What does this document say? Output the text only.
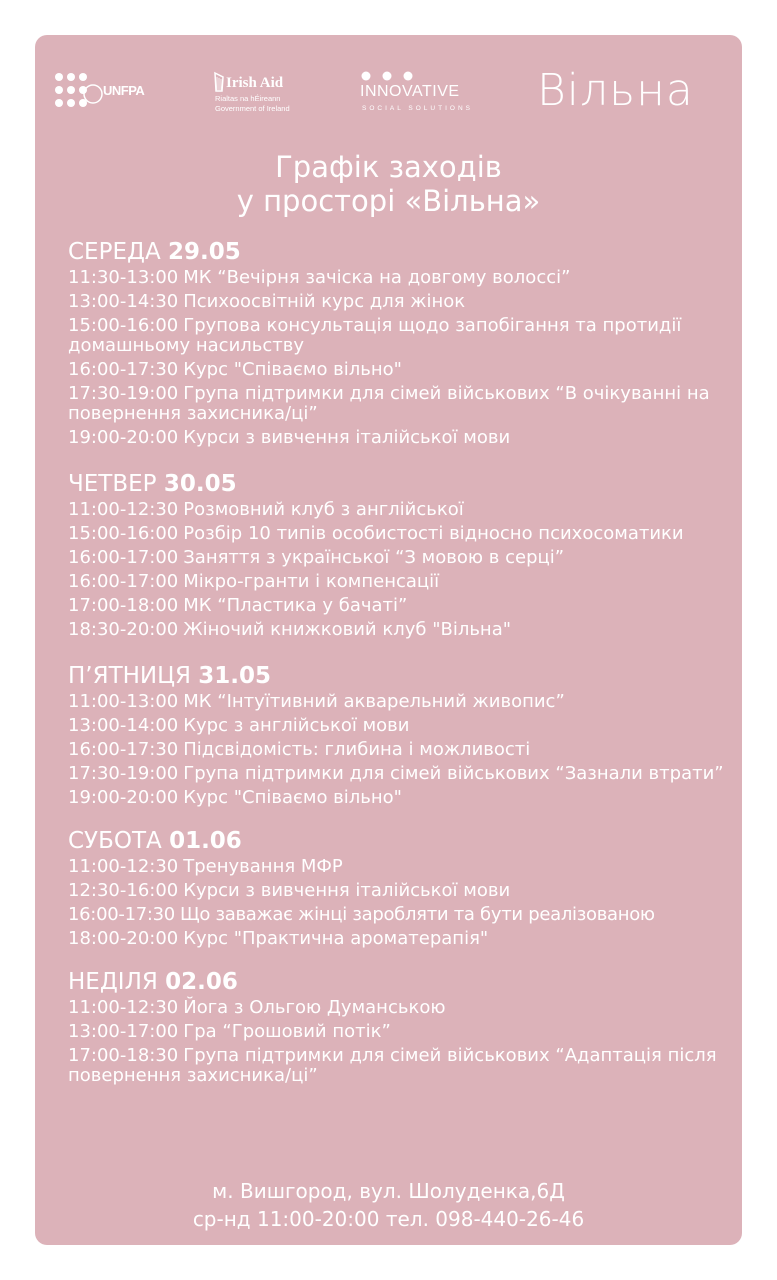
UNFPA	Irish Aid
Rialtas na hÉireann
Government of Ireland
INNOVATIVE
SOCIAL SOLUTIONS Вільна
Графік заходів
у просторі «Вільна»
СЕРЕДА 29.05
11:30-13:00 МК “Вечірня зачіска на довгому волоссі”
13:00-14:30 Психоосвітній курс для жінок
15:00-16:00 Групова консультація щодо запобігання та протидії домашньому насильству
16:00-17:30 Курс "Співаємо вільно"
17:30-19:00 Група підтримки для сімей військових “В очікуванні на повернення захисника/ці”
19:00-20:00 Курси з вивчення італійської мови
ЧЕТВЕР 30.05
11:00-12:30 Розмовний клуб з англійської
15:00-16:00 Розбір 10 типів особистості відносно психосоматики
16:00-17:00 Заняття з української “З мовою в серці”
16:00-17:00 Мікро-гранти і компенсації
17:00-18:00 МК “Пластика у бачаті”
18:30-20:00 Жіночий книжковий клуб "Вільна"
П’ЯТНИЦЯ 31.05
11:00-13:00 МК “Інтуїтивний акварельний живопис”
13:00-14:00 Курс з англійської мови
16:00-17:30 Підсвідомість: глибина і можливості
17:30-19:00 Група підтримки для сімей військових “Зазнали втрати”
19:00-20:00 Курс "Співаємо вільно"
СУБОТА 01.06
11:00-12:30 Тренування МФР
12:30-16:00 Курси з вивчення італійської мови
16:00-17:30 Що заважає жінці заробляти та бути реалізованою
18:00-20:00 Курс "Практична ароматерапія"
НЕДІЛЯ 02.06
11:00-12:30 Йога з Ольгою Думанською
13:00-17:00 Гра “Грошовий потік”
17:00-18:30 Група підтримки для сімей військових “Адаптація після повернення захисника/ці”
м. Вишгород, вул. Шолуденка,6Д
ср-нд 11:00-20:00 тел. 098-440-26-46
